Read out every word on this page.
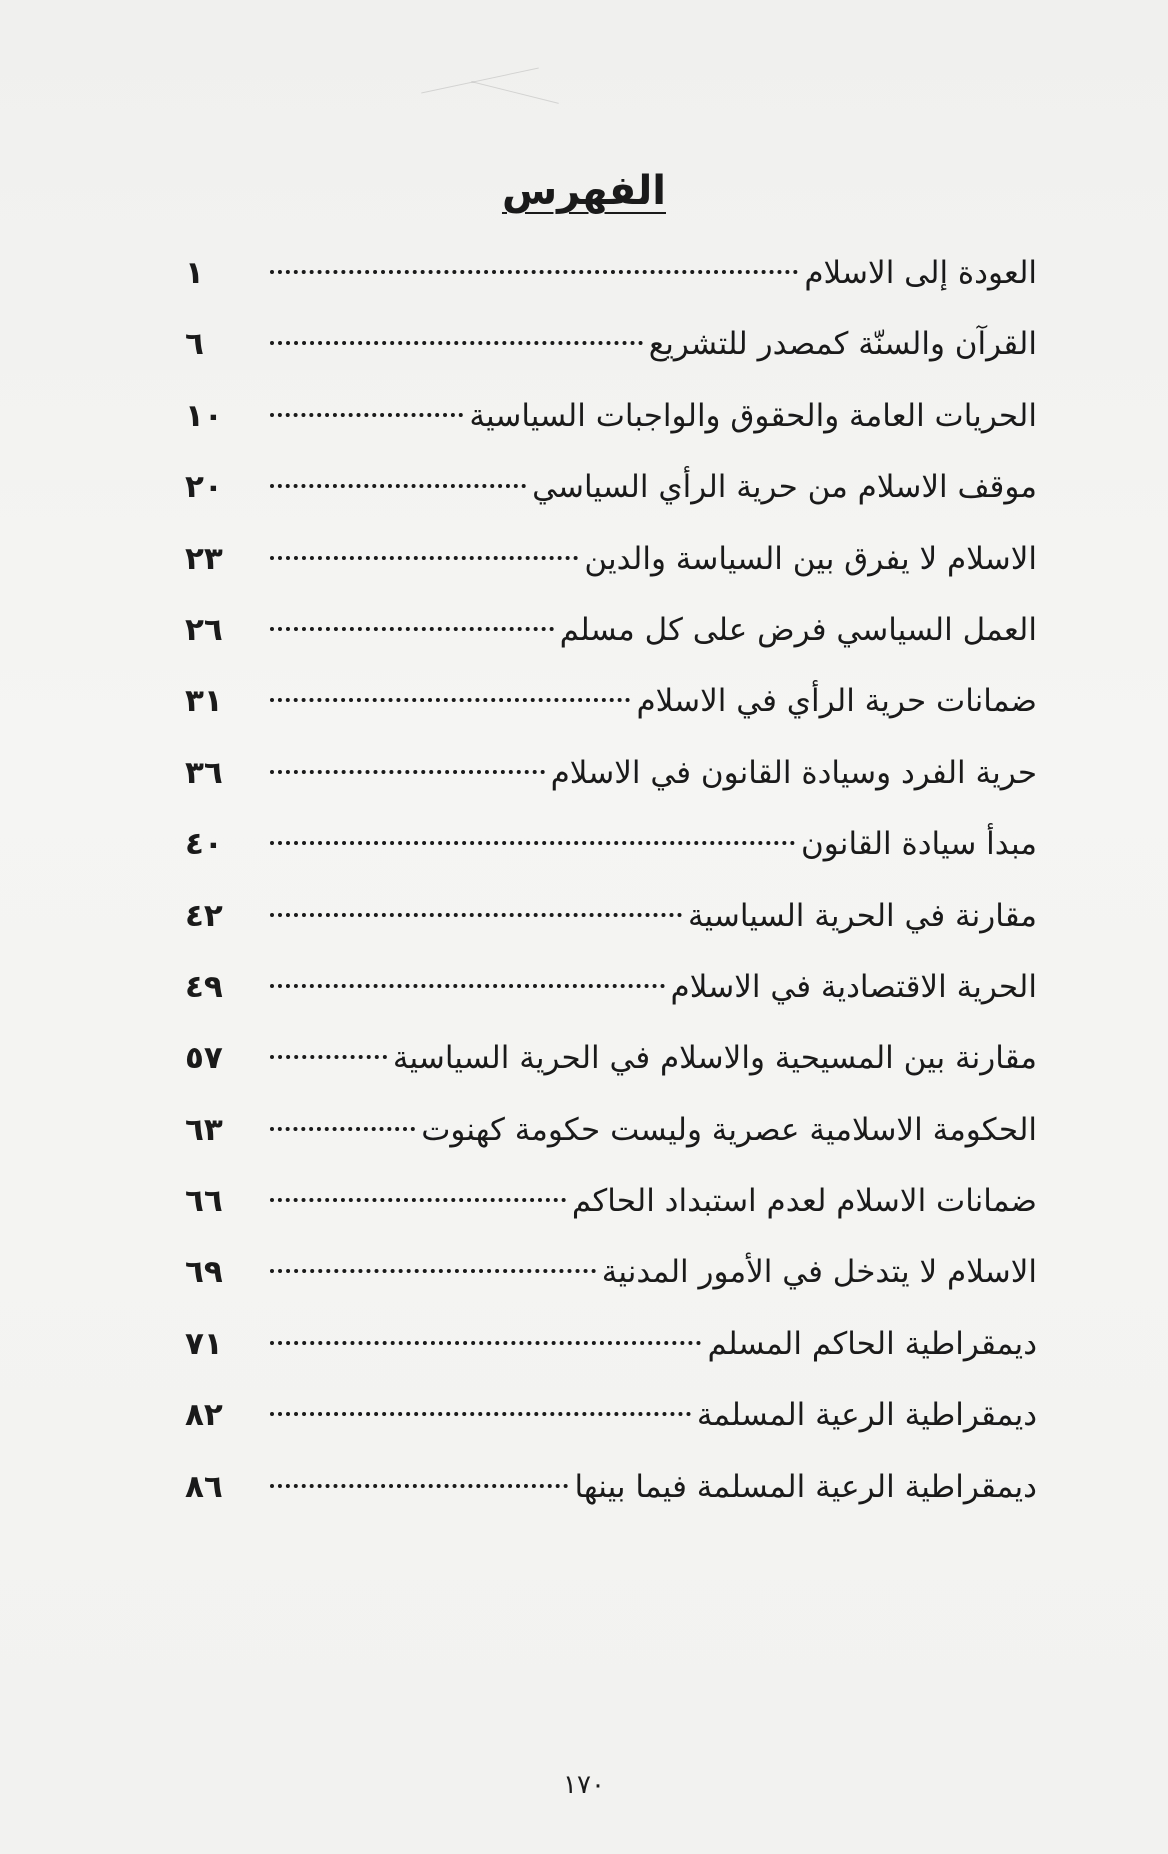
الفهرس
العودة إلى الاسلام
١
القرآن والسنّة كمصدر للتشريع
٦
الحريات العامة والحقوق والواجبات السياسية
١٠
موقف الاسلام من حرية الرأي السياسي
٢٠
الاسلام لا يفرق بين السياسة والدين
٢٣
العمل السياسي فرض على كل مسلم
٢٦
ضمانات حرية الرأي في الاسلام
٣١
حرية الفرد وسيادة القانون في الاسلام
٣٦
مبدأ سيادة القانون
٤٠
مقارنة في الحرية السياسية
٤٢
الحرية الاقتصادية في الاسلام
٤٩
مقارنة بين المسيحية والاسلام في الحرية السياسية
٥٧
الحكومة الاسلامية عصرية وليست حكومة كهنوت
٦٣
ضمانات الاسلام لعدم استبداد الحاكم
٦٦
الاسلام لا يتدخل في الأمور المدنية
٦٩
ديمقراطية الحاكم المسلم
٧١
ديمقراطية الرعية المسلمة
٨٢
ديمقراطية الرعية المسلمة فيما بينها
٨٦
١٧٠
